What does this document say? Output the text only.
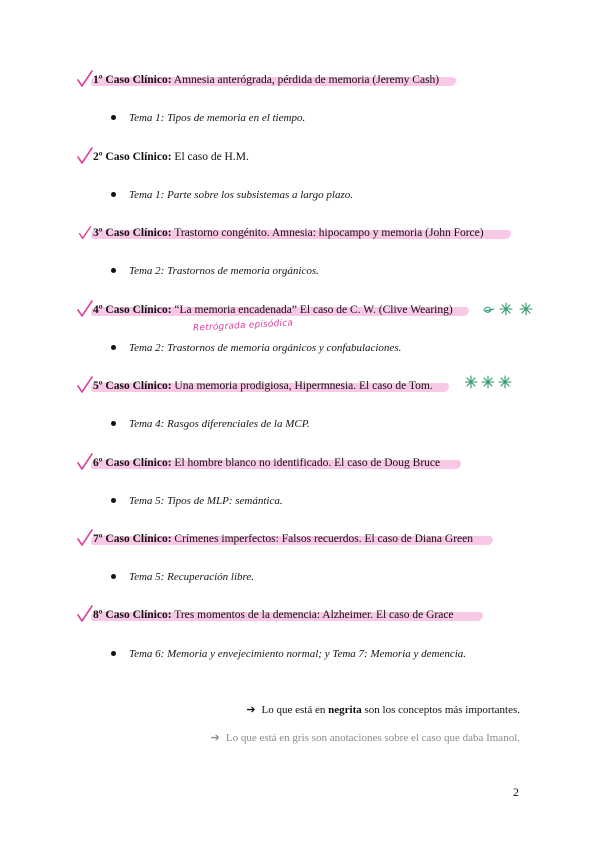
1º Caso Clínico: Amnesia anterógrada, pérdida de memoria (Jeremy Cash)
Tema 1: Tipos de memoria en el tiempo.
2º Caso Clínico: El caso de H.M.
Tema 1: Parte sobre los subsistemas a largo plazo.
3º Caso Clínico: Trastorno congénito. Amnesia: hipocampo y memoria (John Force)
Tema 2: Trastornos de memoria orgánicos.
4º Caso Clínico: “La memoria encadenada” El caso de C. W. (Clive Wearing)
Retrógrada episódica
Tema 2: Trastornos de memoria orgánicos y confabulaciones.
5º Caso Clínico: Una memoria prodigiosa, Hipermnesia. El caso de Tom.
Tema 4: Rasgos diferenciales de la MCP.
6º Caso Clínico: El hombre blanco no identificado. El caso de Doug Bruce
Tema 5: Tipos de MLP: semántica.
7º Caso Clínico: Crímenes imperfectos: Falsos recuerdos. El caso de Diana Green
Tema 5: Recuperación libre.
8º Caso Clínico: Tres momentos de la demencia: Alzheimer. El caso de Grace
Tema 6: Memoria y envejecimiento normal; y Tema 7: Memoria y demencia.
➔ Lo que está en negrita son los conceptos más importantes.
➔ Lo que está en gris son anotaciones sobre el caso que daba Imanol.
2
